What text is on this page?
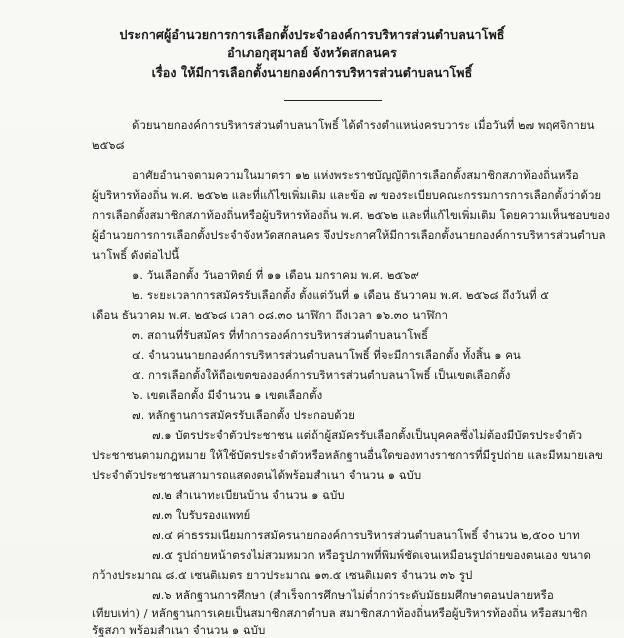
ประกาศผู้อำนวยการการเลือกตั้งประจำองค์การบริหารส่วนตำบลนาโพธิ์
อำเภอกุสุมาลย์ จังหวัดสกลนคร
เรื่อง ให้มีการเลือกตั้งนายกองค์การบริหารส่วนตำบลนาโพธิ์
ด้วยนายกองค์การบริหารส่วนตำบลนาโพธิ์ ได้ดำรงตำแหน่งครบวาระ เมื่อวันที่ ๒๗ พฤศจิกายน
๒๕๖๘
อาศัยอำนาจตามความในมาตรา ๑๒ แห่งพระราชบัญญัติการเลือกตั้งสมาชิกสภาท้องถิ่นหรือ
ผู้บริหารท้องถิ่น พ.ศ. ๒๕๖๒ และที่แก้ไขเพิ่มเติม และข้อ ๗ ของระเบียบคณะกรรมการการเลือกตั้งว่าด้วย
การเลือกตั้งสมาชิกสภาท้องถิ่นหรือผู้บริหารท้องถิ่น พ.ศ. ๒๕๖๒ และที่แก้ไขเพิ่มเติม โดยความเห็นชอบของ
ผู้อำนวยการการเลือกตั้งประจำจังหวัดสกลนคร จึงประกาศให้มีการเลือกตั้งนายกองค์การบริหารส่วนตำบล
นาโพธิ์ ดังต่อไปนี้
๑. วันเลือกตั้ง วันอาทิตย์ ที่ ๑๑ เดือน มกราคม พ.ศ. ๒๕๖๙
๒. ระยะเวลาการสมัครรับเลือกตั้ง ตั้งแต่วันที่ ๑ เดือน ธันวาคม พ.ศ. ๒๕๖๘ ถึงวันที่ ๕
เดือน ธันวาคม พ.ศ. ๒๕๖๘ เวลา ๐๘.๓๐ นาฬิกา ถึงเวลา ๑๖.๓๐ นาฬิกา
๓. สถานที่รับสมัคร ที่ทำการองค์การบริหารส่วนตำบลนาโพธิ์
๔. จำนวนนายกองค์การบริหารส่วนตำบลนาโพธิ์ ที่จะมีการเลือกตั้ง ทั้งสิ้น ๑ คน
๕. การเลือกตั้งให้ถือเขตขององค์การบริหารส่วนตำบลนาโพธิ์ เป็นเขตเลือกตั้ง
๖. เขตเลือกตั้ง มีจำนวน ๑ เขตเลือกตั้ง
๗. หลักฐานการสมัครรับเลือกตั้ง ประกอบด้วย
๗.๑ บัตรประจำตัวประชาชน แต่ถ้าผู้สมัครรับเลือกตั้งเป็นบุคคลซึ่งไม่ต้องมีบัตรประจำตัว
ประชาชนตามกฎหมาย ให้ใช้บัตรประจำตัวหรือหลักฐานอื่นใดของทางราชการที่มีรูปถ่าย และมีหมายเลข
ประจำตัวประชาชนสามารถแสดงตนได้พร้อมสำเนา จำนวน ๑ ฉบับ
๗.๒ สำเนาทะเบียนบ้าน จำนวน ๑ ฉบับ
๗.๓ ใบรับรองแพทย์
๗.๔ ค่าธรรมเนียมการสมัครนายกองค์การบริหารส่วนตำบลนาโพธิ์ จำนวน ๒,๕๐๐ บาท
๗.๕ รูปถ่ายหน้าตรงไม่สวมหมวก หรือรูปภาพที่พิมพ์ชัดเจนเหมือนรูปถ่ายของตนเอง ขนาด
กว้างประมาณ ๘.๕ เซนติเมตร ยาวประมาณ ๑๓.๕ เซนติเมตร จำนวน ๓๖ รูป
๗.๖ หลักฐานการศึกษา (สำเร็จการศึกษาไม่ต่ำกว่าระดับมัธยมศึกษาตอนปลายหรือ
เทียบเท่า) / หลักฐานการเคยเป็นสมาชิกสภาตำบล สมาชิกสภาท้องถิ่นหรือผู้บริหารท้องถิ่น หรือสมาชิก
รัฐสภา พร้อมสำเนา จำนวน ๑ ฉบับ
